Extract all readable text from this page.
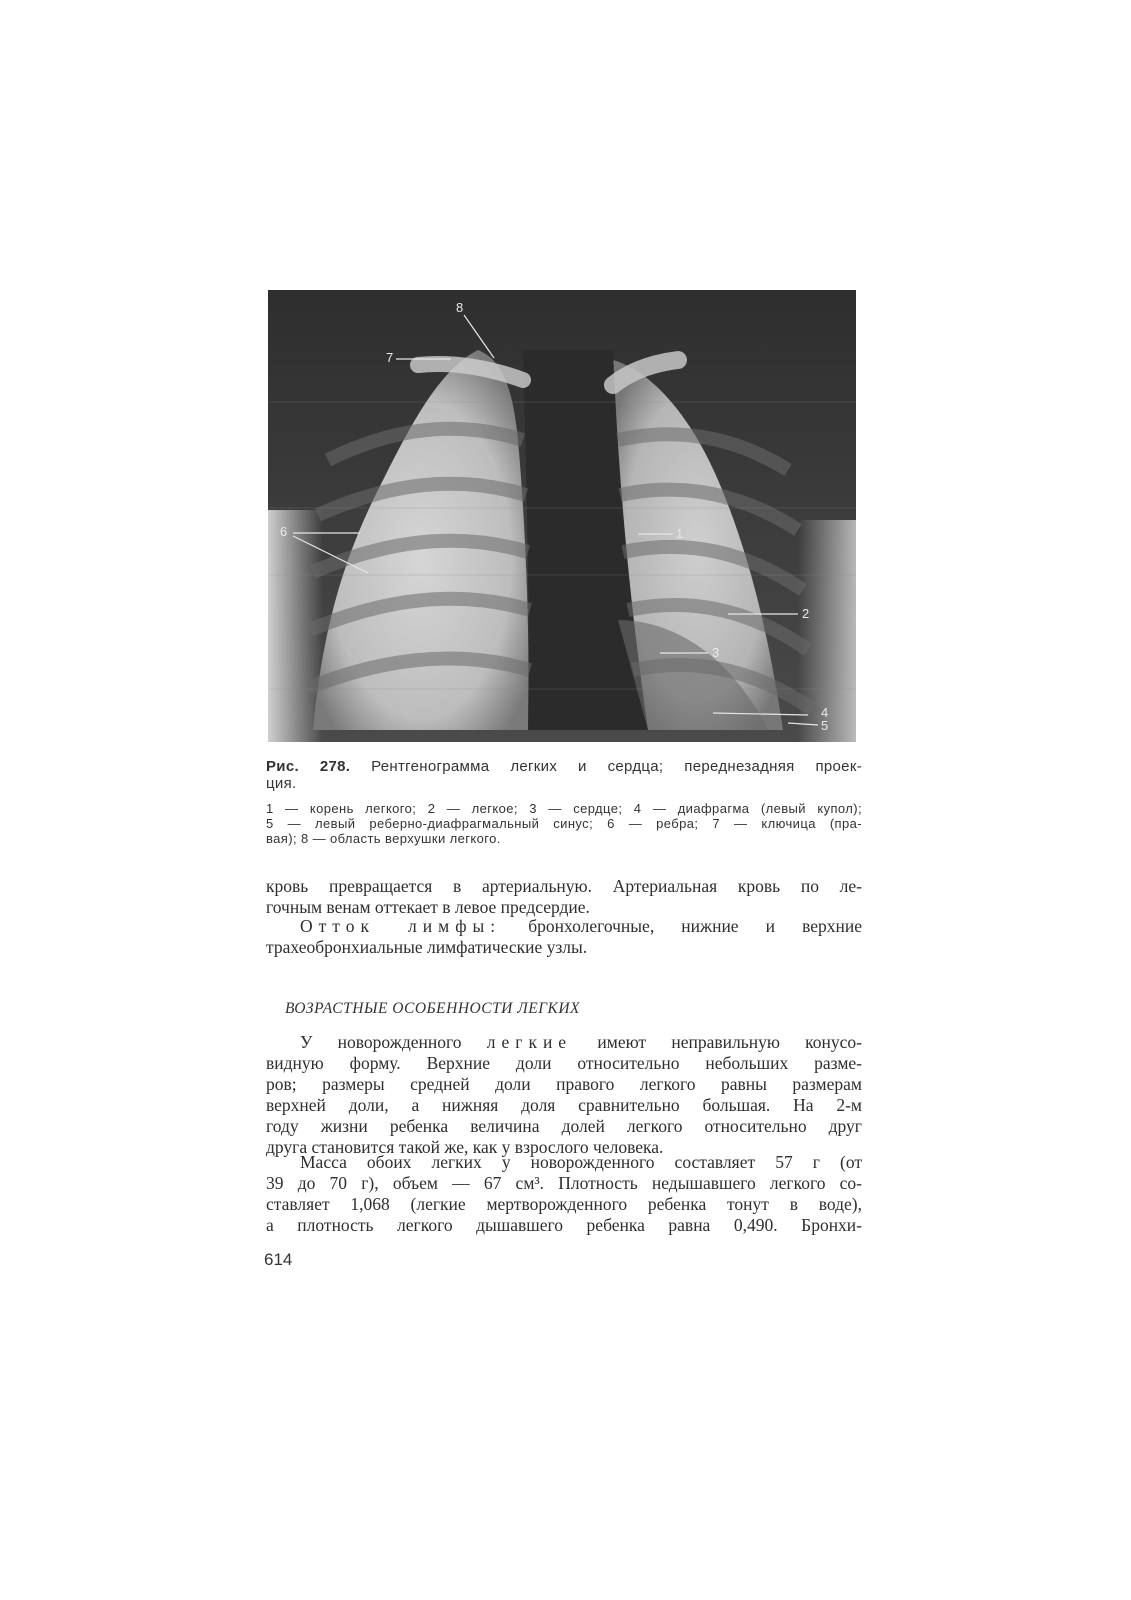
1
2
3
4
5
6
7
8
Рис. 278. Рентгенограмма легких и сердца; переднезадняя проек-
ция.
1 — корень легкого; 2 — легкое; 3 — сердце; 4 — диафрагма (левый купол);
5 — левый реберно-диафрагмальный синус; 6 — ребра; 7 — ключица (пра-
вая); 8 — область верхушки легкого.
кровь превращается в артериальную. Артериальная кровь по ле-
гочным венам оттекает в левое предсердие.
Отток лимфы: бронхолегочные, нижние и верхние
трахеобронхиальные лимфатические узлы.
ВОЗРАСТНЫЕ ОСОБЕННОСТИ ЛЕГКИХ
У новорожденного легкие имеют неправильную конусо-
видную форму. Верхние доли относительно небольших разме-
ров; размеры средней доли правого легкого равны размерам
верхней доли, а нижняя доля сравнительно большая. На 2-м
году жизни ребенка величина долей легкого относительно друг
друга становится такой же, как у взрослого человека.
Масса обоих легких у новорожденного составляет 57 г (от
39 до 70 г), объем — 67 см³. Плотность недышавшего легкого со-
ставляет 1,068 (легкие мертворожденного ребенка тонут в воде),
а плотность легкого дышавшего ребенка равна 0,490. Бронхи-
614
